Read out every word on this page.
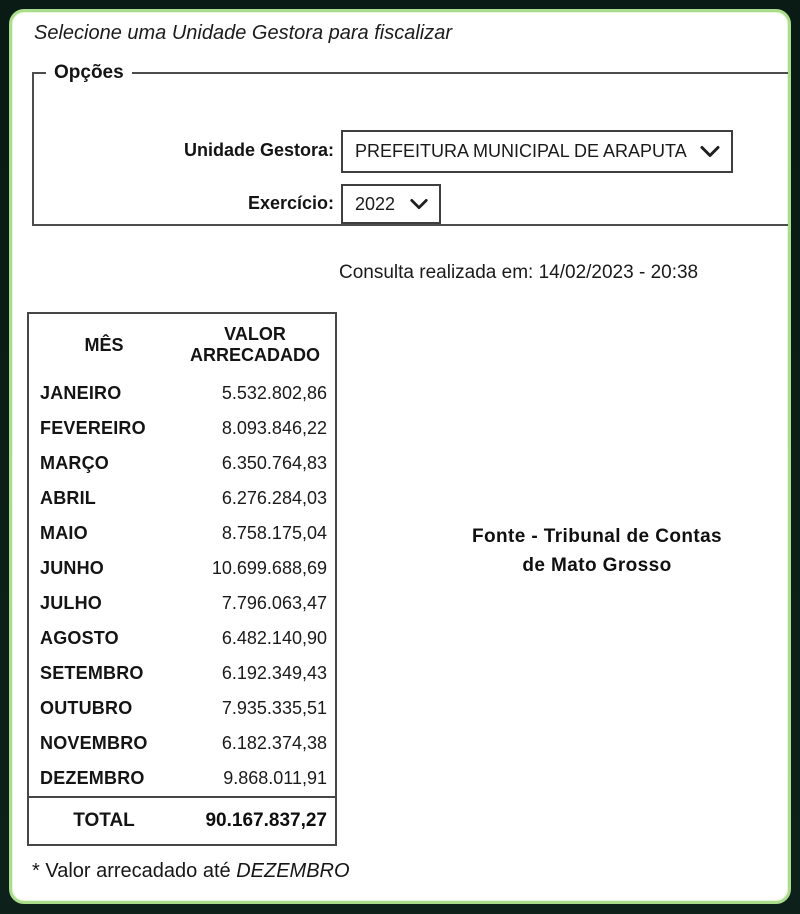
Selecione uma Unidade Gestora para fiscalizar
Opções
Unidade Gestora:	PREFEITURA MUNICIPAL DE ARAPUTA
Exercício:	2022
Consulta realizada em: 14/02/2023 - 20:38
MÊS
VALOR ARRECADADO
JANEIRO	5.532.802,86
FEVEREIRO	8.093.846,22
MARÇO	6.350.764,83
ABRIL	6.276.284,03
MAIO	8.758.175,04
JUNHO	10.699.688,69
JULHO	7.796.063,47
AGOSTO	6.482.140,90
SETEMBRO	6.192.349,43
OUTUBRO	7.935.335,51
NOVEMBRO	6.182.374,38
DEZEMBRO	9.868.011,91
TOTAL	90.167.837,27
Fonte - Tribunal de Contas de Mato Grosso
* Valor arrecadado até DEZEMBRO
